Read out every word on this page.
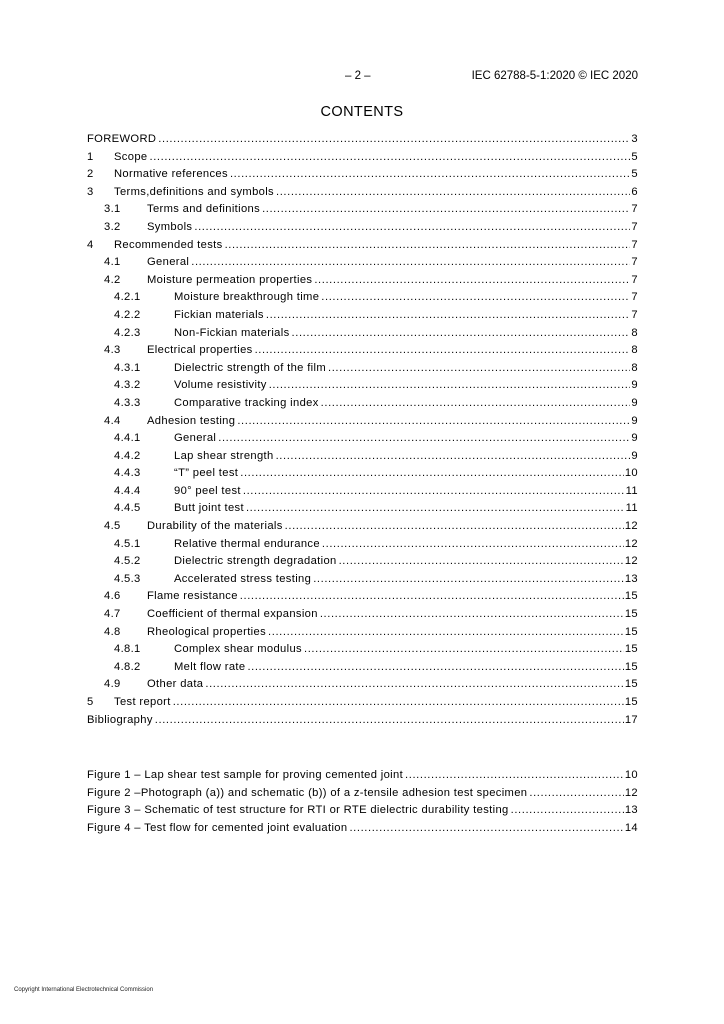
– 2 –	IEC 62788-5-1:2020 © IEC 2020
CONTENTS
FOREWORD .....	3
1	Scope .....	5
2	Normative references .....	5
3	Terms,definitions and symbols .....	6
3.1	Terms and definitions .....	7
3.2	Symbols .....	7
4	Recommended tests .....	7
4.1	General .....	7
4.2	Moisture permeation properties .....	7
4.2.1	Moisture breakthrough time .....	7
4.2.2	Fickian materials .....	7
4.2.3	Non-Fickian materials .....	8
4.3	Electrical properties .....	8
4.3.1	Dielectric strength of the film .....	8
4.3.2	Volume resistivity .....	9
4.3.3	Comparative tracking index .....	9
4.4	Adhesion testing .....	9
4.4.1	General .....	9
4.4.2	Lap shear strength .....	9
4.4.3	“T” peel test .....	10
4.4.4	90° peel test .....	11
4.4.5	Butt joint test .....	11
4.5	Durability of the materials .....	12
4.5.1	Relative thermal endurance .....	12
4.5.2	Dielectric strength degradation .....	12
4.5.3	Accelerated stress testing .....	13
4.6	Flame resistance .....	15
4.7	Coefficient of thermal expansion .....	15
4.8	Rheological properties .....	15
4.8.1	Complex shear modulus .....	15
4.8.2	Melt flow rate .....	15
4.9	Other data .....	15
5	Test report .....	15
Bibliography .....	17
Figure 1 – Lap shear test sample for proving cemented joint .....	10
Figure 2 –Photograph (a)) and schematic (b)) of a z-tensile adhesion test specimen .....	12
Figure 3 – Schematic of test structure for RTI or RTE dielectric durability testing .....	13
Figure 4 – Test flow for cemented joint evaluation .....	14
Copyright International Electrotechnical Commission
